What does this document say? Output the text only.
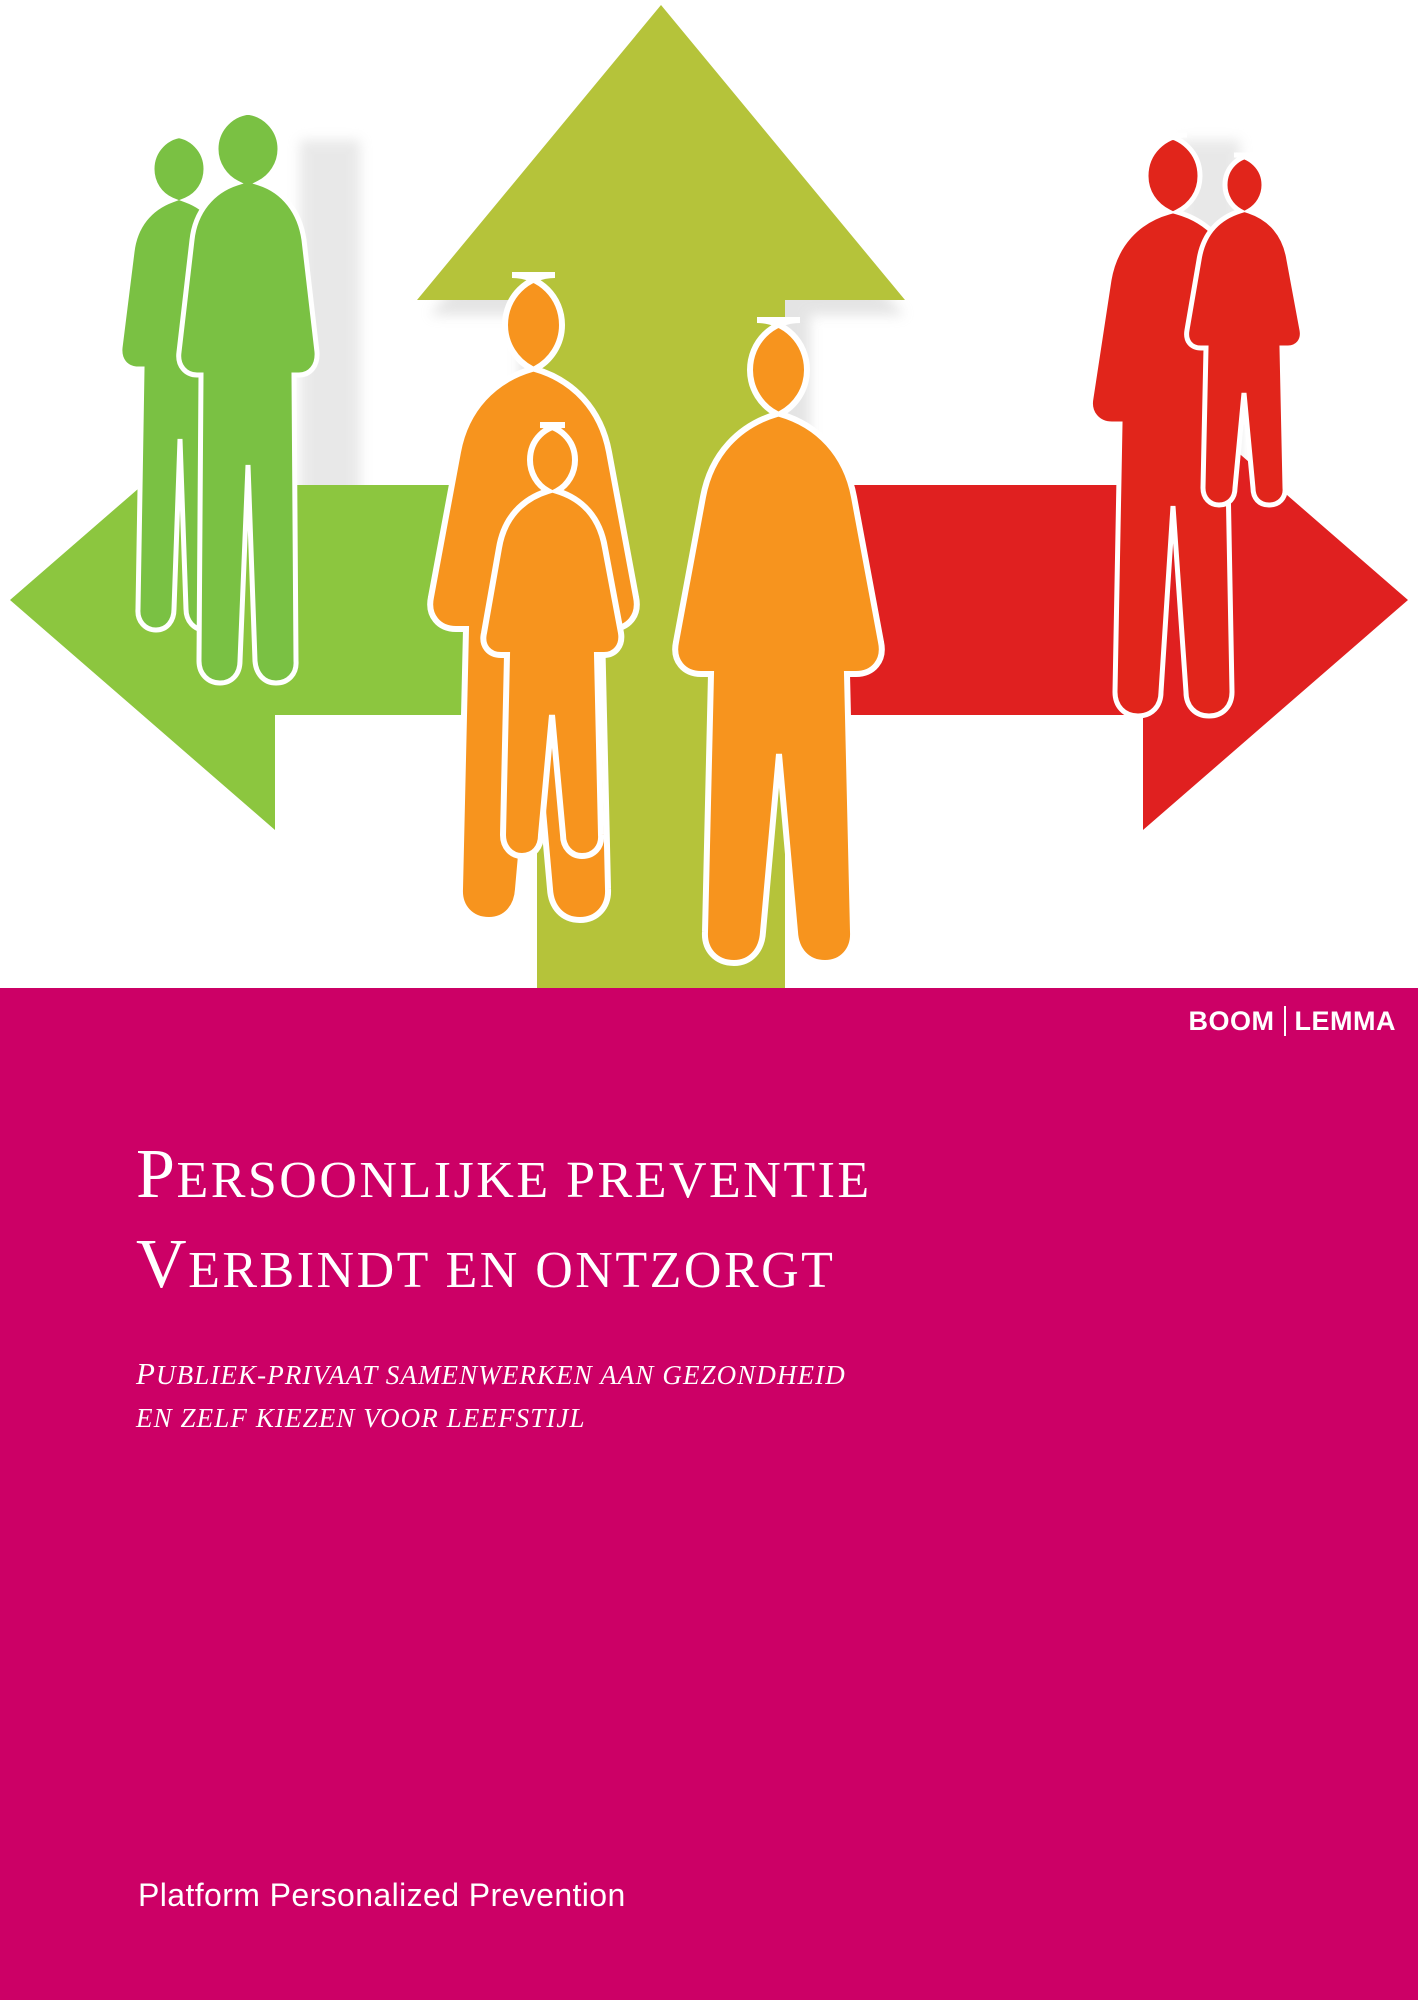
BOOM LEMMA
PERSOONLIJKE PREVENTIE
VERBINDT EN ONTZORGT

PUBLIEK-PRIVAAT SAMENWERKEN AAN GEZONDHEID
EN ZELF KIEZEN VOOR LEEFSTIJL

Platform Personalized Prevention
